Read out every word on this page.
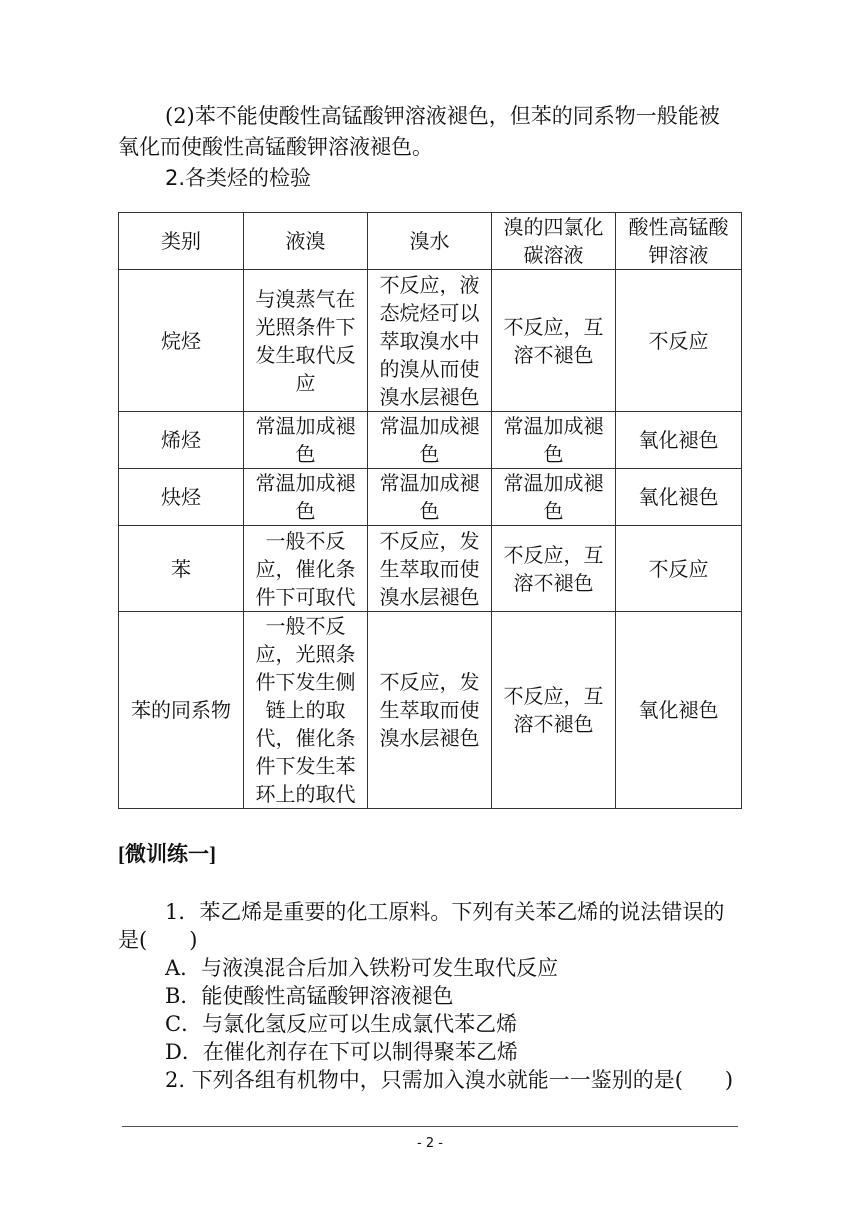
(2)苯不能使酸性高锰酸钾溶液褪色，但苯的同系物一般能被
氧化而使酸性高锰酸钾溶液褪色。
2.各类烃的检验
类别	液溴	溴水	溴的四氯化碳溶液	酸性高锰酸钾溶液
烷烃	与溴蒸气在光照条件下发生取代反应	不反应，液态烷烃可以萃取溴水中的溴从而使溴水层褪色	不反应，互溶不褪色	不反应
烯烃	常温加成褪色	常温加成褪色	常温加成褪色	氧化褪色
炔烃	常温加成褪色	常温加成褪色	常温加成褪色	氧化褪色
苯	一般不反应，催化条件下可取代	不反应，发生萃取而使溴水层褪色	不反应，互溶不褪色	不反应
苯的同系物	一般不反应，光照条件下发生侧链上的取代，催化条件下发生苯环上的取代	不反应，发生萃取而使溴水层褪色	不反应，互溶不褪色	氧化褪色
[微训练一]
1．苯乙烯是重要的化工原料。下列有关苯乙烯的说法错误的
是(　　)
A．与液溴混合后加入铁粉可发生取代反应
B．能使酸性高锰酸钾溶液褪色
C．与氯化氢反应可以生成氯代苯乙烯
D．在催化剂存在下可以制得聚苯乙烯
2. 下列各组有机物中，只需加入溴水就能一一鉴别的是(　　)
- 2 -
